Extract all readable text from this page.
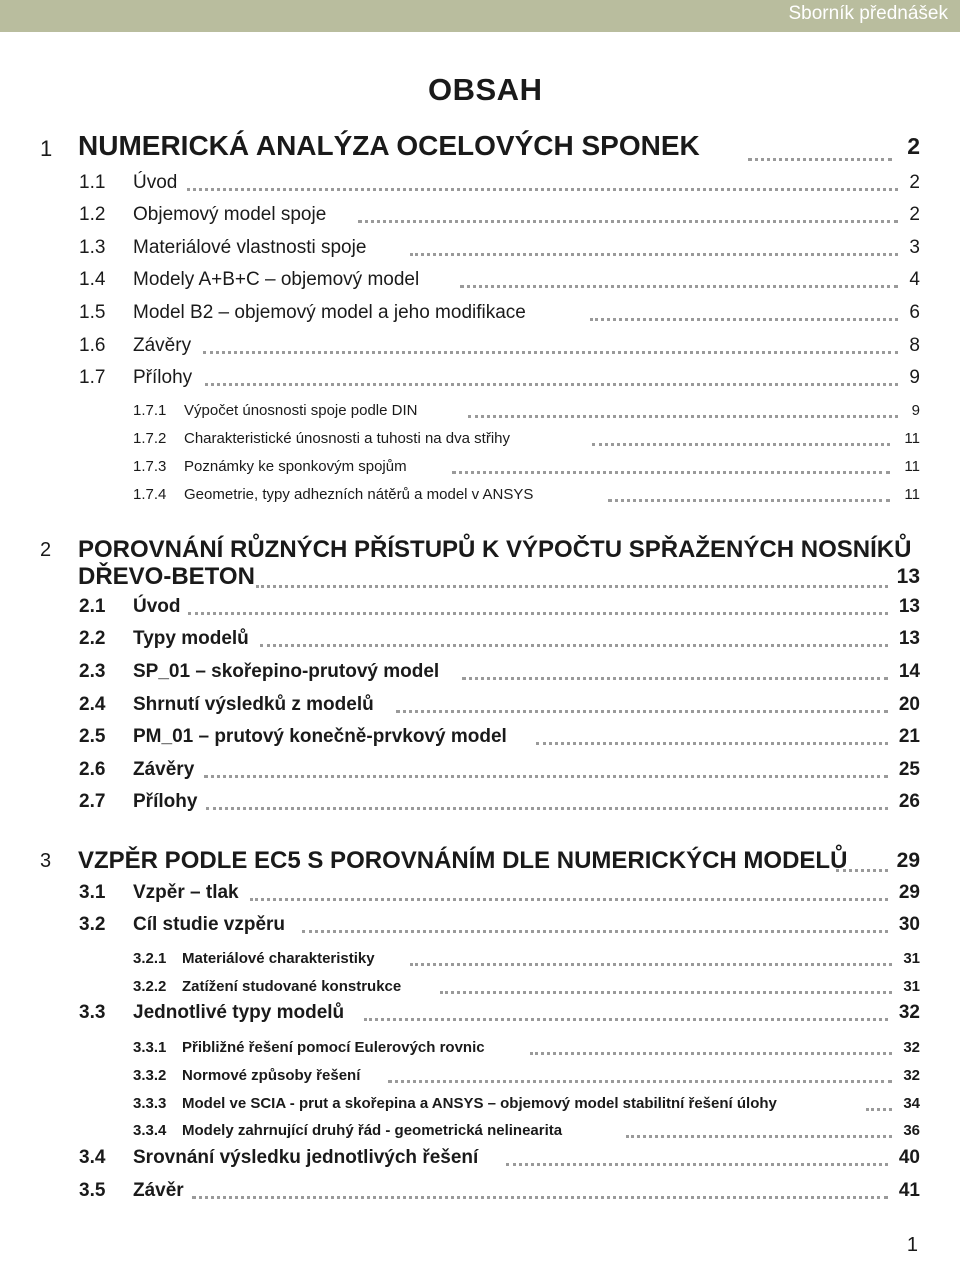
Sborník přednášek
OBSAH
1 NUMERICKÁ ANALÝZA OCELOVÝCH SPONEK	2
1.1 Úvod	2
1.2 Objemový model spoje	2
1.3 Materiálové vlastnosti spoje	3
1.4 Modely A+B+C – objemový model	4
1.5 Model B2 – objemový model a jeho modifikace	6
1.6 Závěry	8
1.7 Přílohy	9
1.7.1 Výpočet únosnosti spoje podle DIN	9
1.7.2 Charakteristické únosnosti a tuhosti na dva střihy	11
1.7.3 Poznámky ke sponkovým spojům	11
1.7.4 Geometrie, typy adhezních nátěrů a model v ANSYS	11
2 POROVNÁNÍ RŮZNÝCH PŘÍSTUPŮ K VÝPOČTU SPŘAŽENÝCH NOSNÍKŮ
DŘEVO-BETON	13
2.1 Úvod	13
2.2 Typy modelů	13
2.3 SP_01 – skořepino-prutový model	14
2.4 Shrnutí výsledků z modelů	20
2.5 PM_01 – prutový konečně-prvkový model	21
2.6 Závěry	25
2.7 Přílohy	26
3 VZPĚR PODLE EC5 S POROVNÁNÍM DLE NUMERICKÝCH MODELŮ 29
3.1 Vzpěr – tlak	29
3.2 Cíl studie vzpěru	30
3.2.1 Materiálové charakteristiky	31
3.2.2 Zatížení studované konstrukce	31
3.3 Jednotlivé typy modelů	32
3.3.1 Přibližné řešení pomocí Eulerových rovnic	32
3.3.2 Normové způsoby řešení	32
3.3.3 Model ve SCIA - prut a skořepina a ANSYS – objemový model stabilitní řešení úlohy	34
3.3.4 Modely zahrnující druhý řád - geometrická nelinearita	36
3.4 Srovnání výsledku jednotlivých řešení	40
3.5 Závěr	41
1
